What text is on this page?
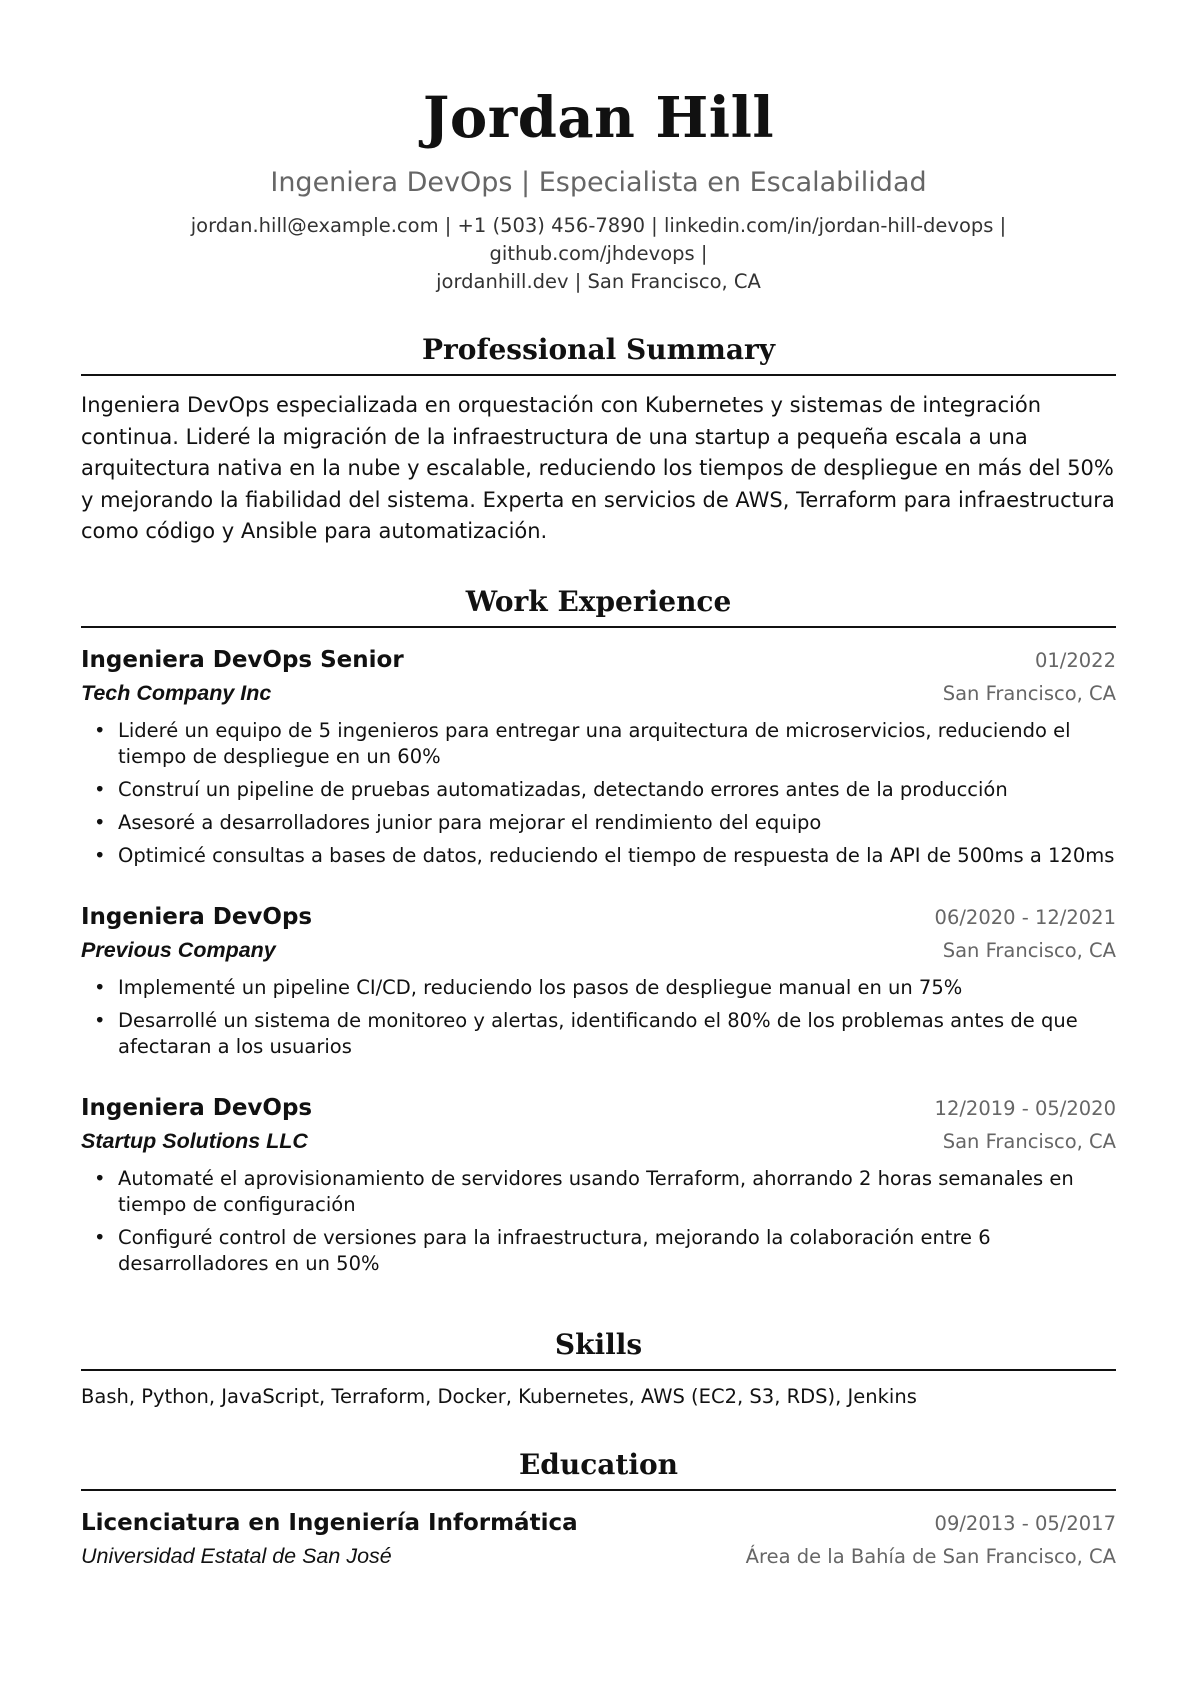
Jordan Hill
Ingeniera DevOps | Especialista en Escalabilidad
jordan.hill@example.com | +1 (503) 456-7890 | linkedin.com/in/jordan-hill-devops | github.com/jhdevops |
jordanhill.dev | San Francisco, CA
Professional Summary
Ingeniera DevOps especializada en orquestación con Kubernetes y sistemas de integración continua. Lideré la migración de la infraestructura de una startup a pequeña escala a una arquitectura nativa en la nube y escalable, reduciendo los tiempos de despliegue en más del 50% y mejorando la fiabilidad del sistema. Experta en servicios de AWS, Terraform para infraestructura como código y Ansible para automatización.
Work Experience
Ingeniera DevOps Senior	01/2022
Tech Company Inc	San Francisco, CA
• Lideré un equipo de 5 ingenieros para entregar una arquitectura de microservicios, reduciendo el tiempo de despliegue en un 60%
• Construí un pipeline de pruebas automatizadas, detectando errores antes de la producción
• Asesoré a desarrolladores junior para mejorar el rendimiento del equipo
• Optimicé consultas a bases de datos, reduciendo el tiempo de respuesta de la API de 500ms a 120ms
Ingeniera DevOps	06/2020 - 12/2021
Previous Company	San Francisco, CA
• Implementé un pipeline CI/CD, reduciendo los pasos de despliegue manual en un 75%
• Desarrollé un sistema de monitoreo y alertas, identificando el 80% de los problemas antes de que afectaran a los usuarios
Ingeniera DevOps	12/2019 - 05/2020
Startup Solutions LLC	San Francisco, CA
• Automaté el aprovisionamiento de servidores usando Terraform, ahorrando 2 horas semanales en tiempo de configuración
• Configuré control de versiones para la infraestructura, mejorando la colaboración entre 6 desarrolladores en un 50%
Skills
Bash, Python, JavaScript, Terraform, Docker, Kubernetes, AWS (EC2, S3, RDS), Jenkins
Education
Licenciatura en Ingeniería Informática	09/2013 - 05/2017
Universidad Estatal de San José	Área de la Bahía de San Francisco, CA
